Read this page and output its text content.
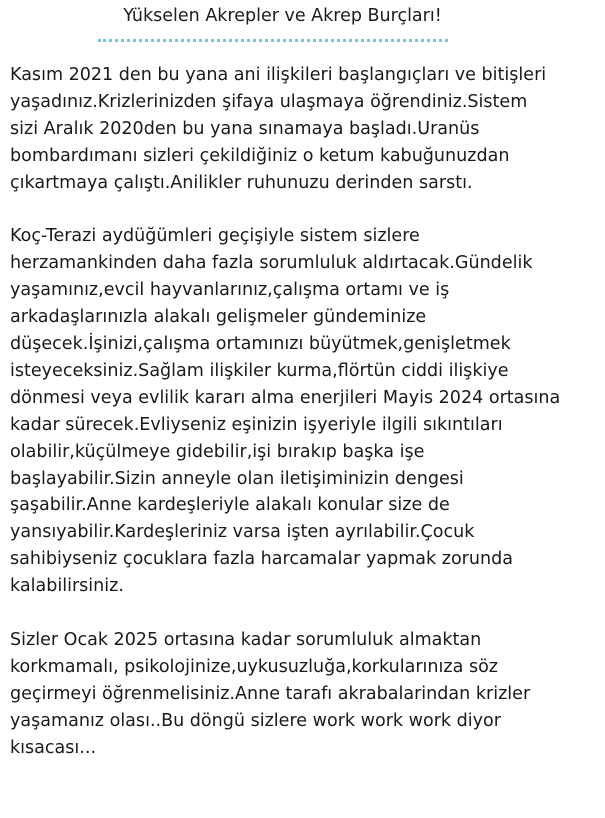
Yükselen Akrepler ve Akrep Burçları!

Kasım 2021 den bu yana ani ilişkileri başlangıçları ve bitişleri
yaşadınız.Krizlerinizden şifaya ulaşmaya öğrendiniz.Sistem
sizi Aralık 2020den bu yana sınamaya başladı.Uranüs
bombardımanı sizleri çekildiğiniz o ketum kabuğunuzdan
çıkartmaya çalıştı.Anilikler ruhunuzu derinden sarstı.

Koç-Terazi aydüğümleri geçişiyle sistem sizlere
herzamankinden daha fazla sorumluluk aldırtacak.Gündelik
yaşamınız,evcil hayvanlarınız,çalışma ortamı ve iş
arkadaşlarınızla alakalı gelişmeler gündeminize
düşecek.İşinizi,çalışma ortamınızı büyütmek,genişletmek
isteyeceksiniz.Sağlam ilişkiler kurma,flörtün ciddi ilişkiye
dönmesi veya evlilik kararı alma enerjileri Mayis 2024 ortasına
kadar sürecek.Evliyseniz eşinizin işyeriyle ilgili sıkıntıları
olabilir,küçülmeye gidebilir,işi bırakıp başka işe
başlayabilir.Sizin anneyle olan iletişiminizin dengesi
şaşabilir.Anne kardeşleriyle alakalı konular size de
yansıyabilir.Kardeşleriniz varsa işten ayrılabilir.Çocuk
sahibiyseniz çocuklara fazla harcamalar yapmak zorunda
kalabilirsiniz.

Sizler Ocak 2025 ortasına kadar sorumluluk almaktan
korkmamalı, psikolojinize,uykusuzluğa,korkularınıza söz
geçirmeyi öğrenmelisiniz.Anne tarafı akrabalarindan krizler
yaşamanız olası..Bu döngü sizlere work work work diyor
kısacası...
